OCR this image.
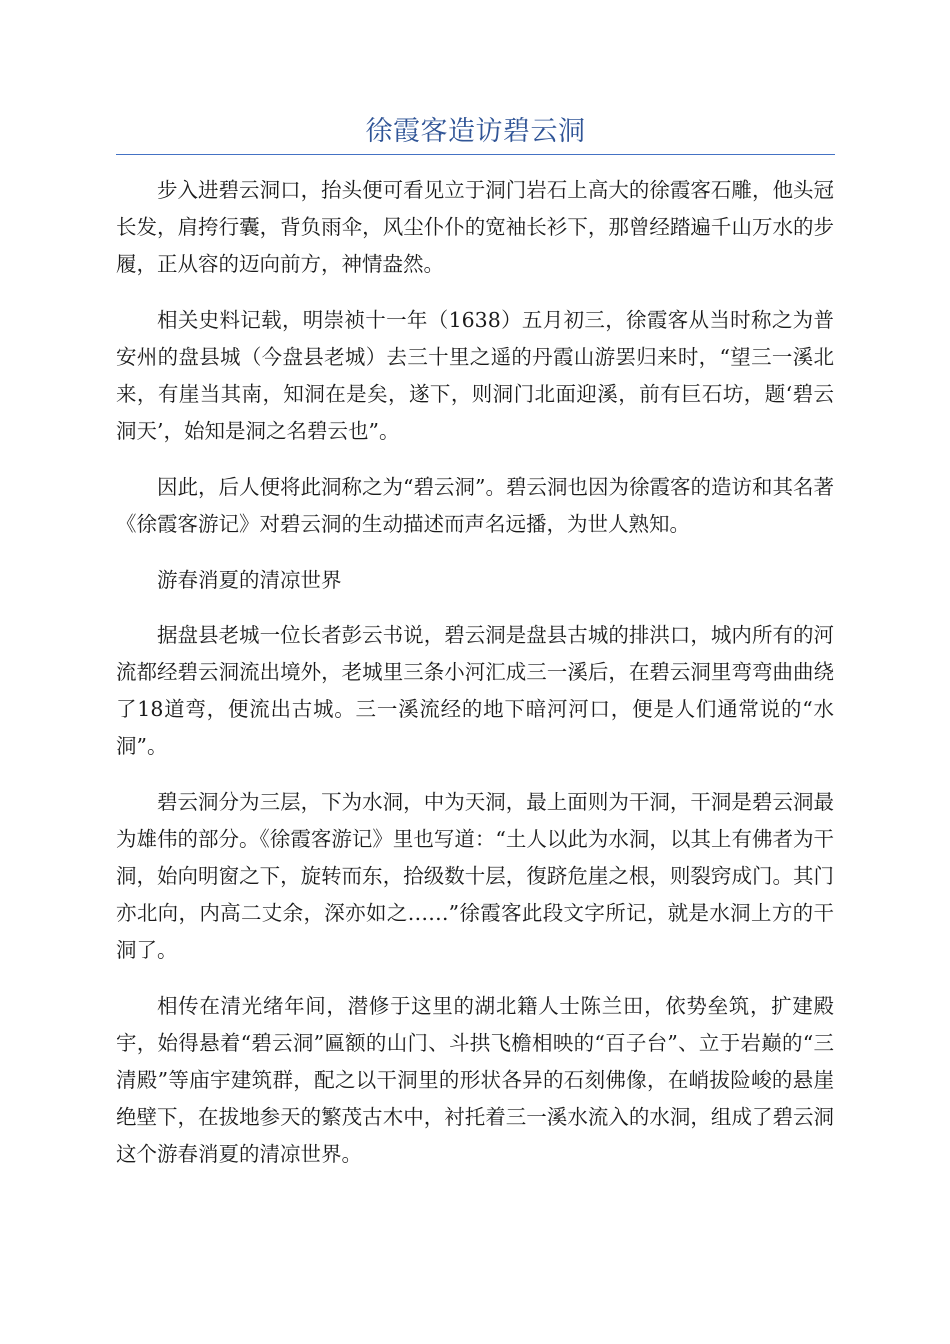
徐霞客造访碧云洞

步入进碧云洞口，抬头便可看见立于洞门岩石上高大的徐霞客石雕，他头冠长发，肩挎行囊，背负雨伞，风尘仆仆的宽袖长衫下，那曾经踏遍千山万水的步履，正从容的迈向前方，神情盎然。

相关史料记载，明崇祯十一年（1638）五月初三，徐霞客从当时称之为普安州的盘县城（今盘县老城）去三十里之遥的丹霞山游罢归来时，“望三一溪北来，有崖当其南，知洞在是矣，遂下，则洞门北面迎溪，前有巨石坊，题‘碧云洞天’，始知是洞之名碧云也”。

因此，后人便将此洞称之为“碧云洞”。碧云洞也因为徐霞客的造访和其名著《徐霞客游记》对碧云洞的生动描述而声名远播，为世人熟知。

游春消夏的清凉世界

据盘县老城一位长者彭云书说，碧云洞是盘县古城的排洪口，城内所有的河流都经碧云洞流出境外，老城里三条小河汇成三一溪后，在碧云洞里弯弯曲曲绕了18道弯，便流出古城。三一溪流经的地下暗河河口，便是人们通常说的“水洞”。

碧云洞分为三层，下为水洞，中为天洞，最上面则为干洞，干洞是碧云洞最为雄伟的部分。《徐霞客游记》里也写道：“土人以此为水洞，以其上有佛者为干洞，始向明窗之下，旋转而东，拾级数十层，復跻危崖之根，则裂窍成门。其门亦北向，内高二丈余，深亦如之……”徐霞客此段文字所记，就是水洞上方的干洞了。

相传在清光绪年间，潜修于这里的湖北籍人士陈兰田，依势垒筑，扩建殿宇，始得悬着“碧云洞”匾额的山门、斗拱飞檐相映的“百子台”、立于岩巅的“三清殿”等庙宇建筑群，配之以干洞里的形状各异的石刻佛像，在峭拔险峻的悬崖绝壁下，在拔地参天的繁茂古木中，衬托着三一溪水流入的水洞，组成了碧云洞这个游春消夏的清凉世界。
